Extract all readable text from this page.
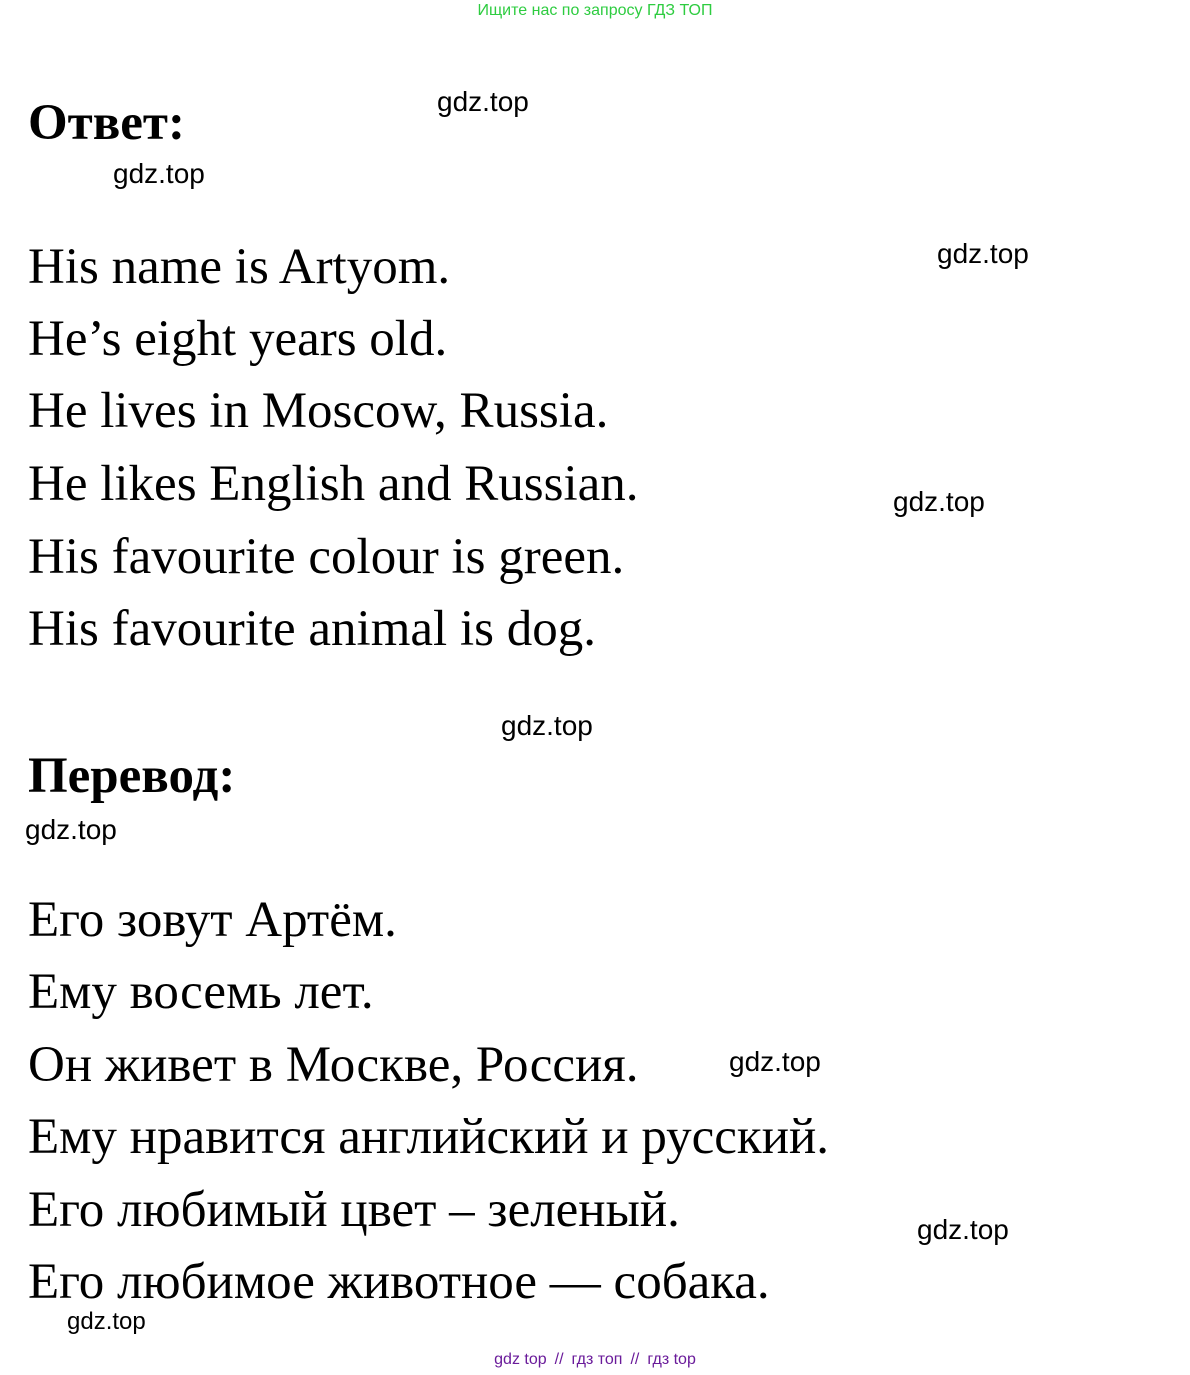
Ищите нас по запросу ГДЗ ТОП
Ответ:
His name is Artyom.
He’s eight years old.
He lives in Moscow, Russia.
He likes English and Russian.
His favourite colour is green.
His favourite animal is dog.
Перевод:
Его зовут Артём.
Ему восемь лет.
Он живет в Москве, Россия.
Ему нравится английский и русский.
Его любимый цвет – зеленый.
Его любимое животное — собака.
gdz.top
gdz.top
gdz.top
gdz.top
gdz.top
gdz.top
gdz.top
gdz.top
gdz.top
gdz top // гдз топ // гдз top
